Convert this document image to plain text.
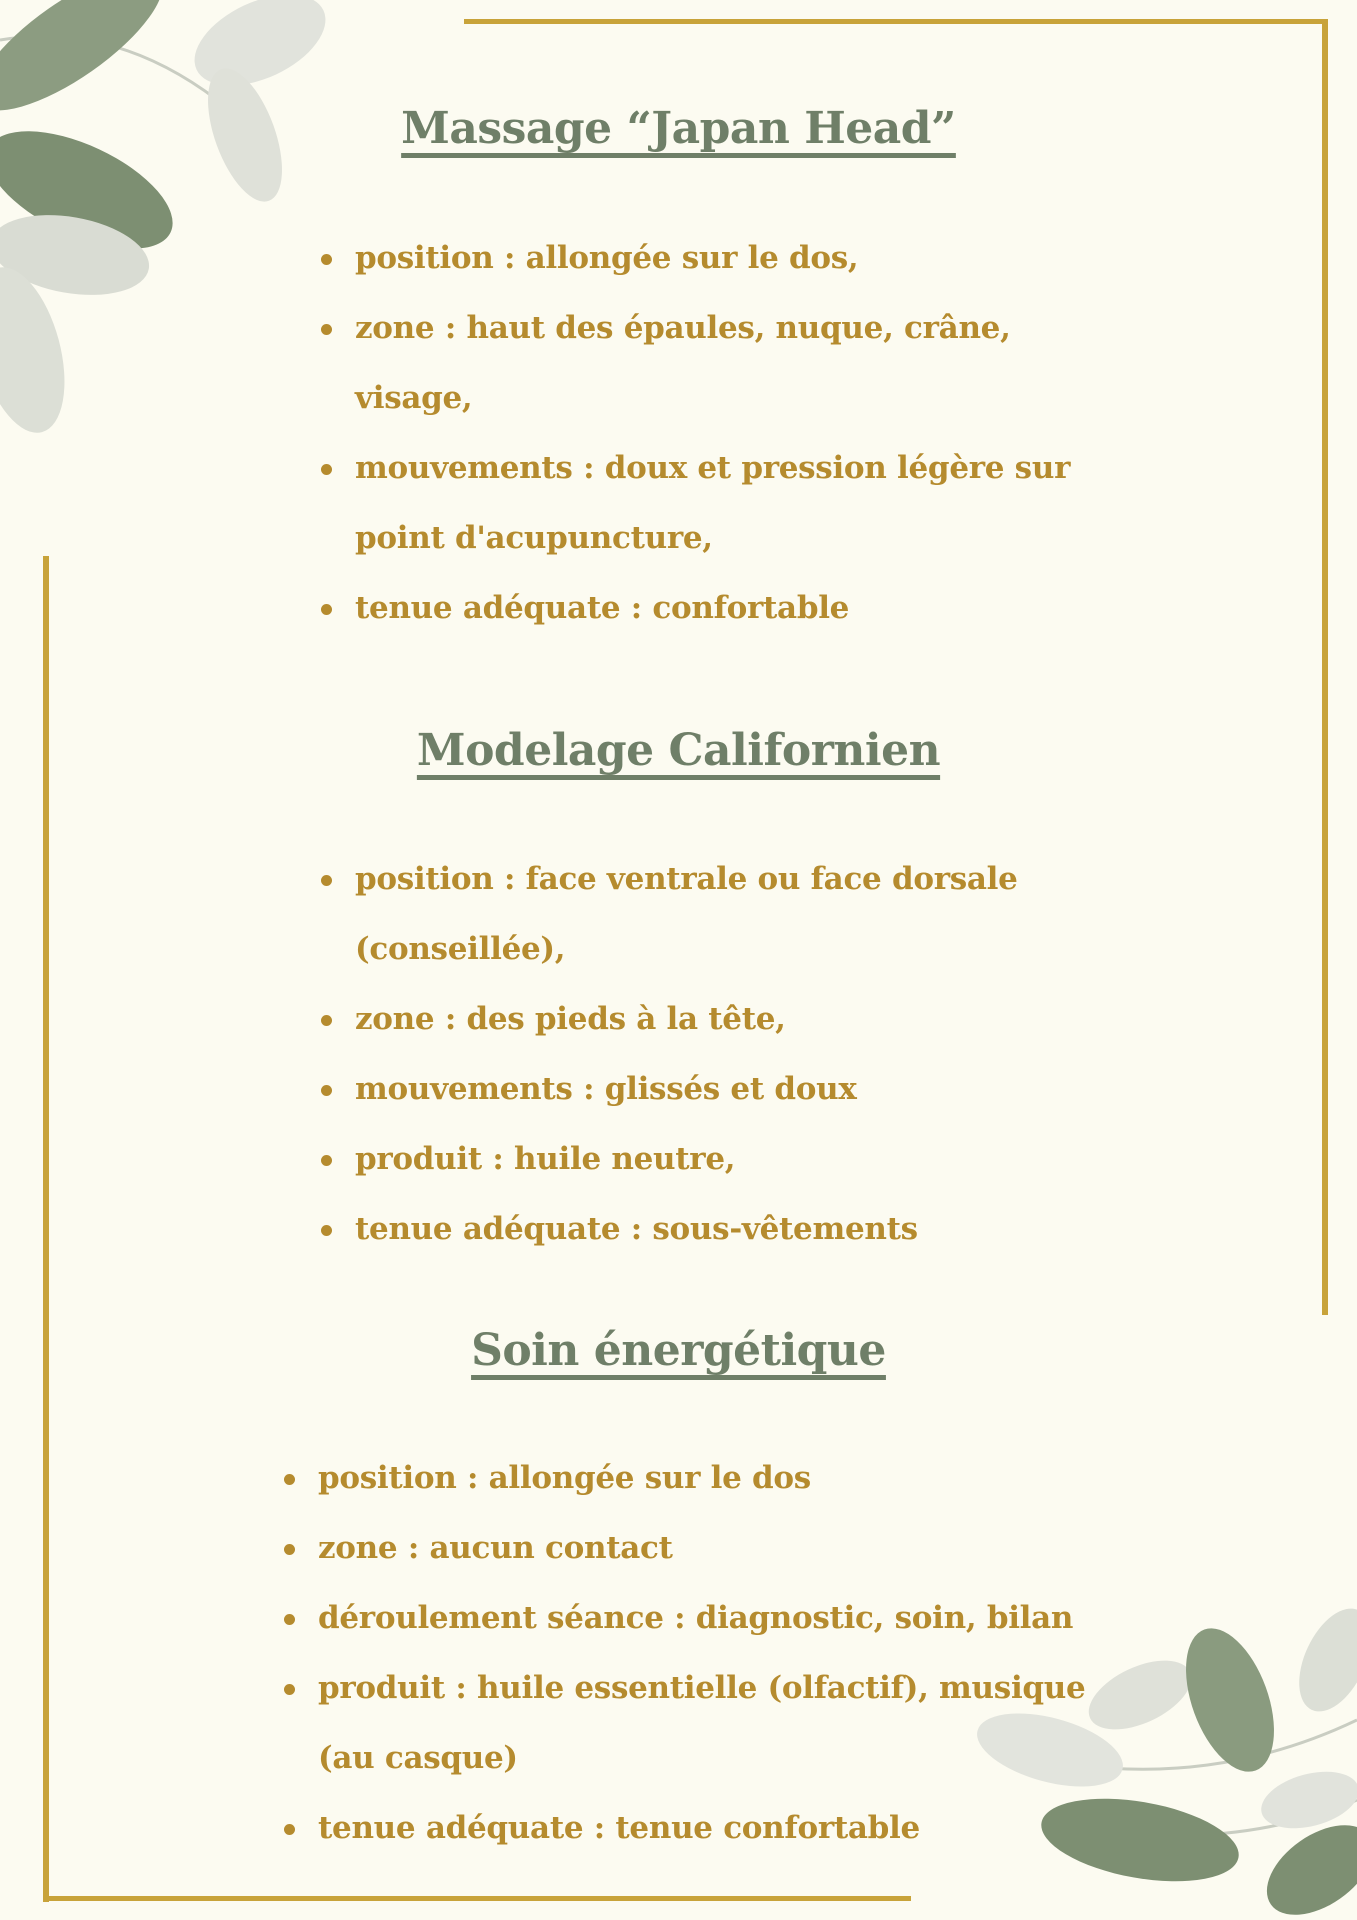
Massage “Japan Head”
position : allongée sur le dos,
zone : haut des épaules, nuque, crâne, visage,
mouvements : doux et pression légère sur point d'acupuncture,
tenue adéquate : confortable
Modelage Californien
position : face ventrale ou face dorsale (conseillée),
zone : des pieds à la tête,
mouvements : glissés et doux
produit : huile neutre,
tenue adéquate : sous-vêtements
Soin énergétique
position : allongée sur le dos
zone : aucun contact
déroulement séance : diagnostic, soin, bilan
produit : huile essentielle (olfactif), musique (au casque)
tenue adéquate : tenue confortable
